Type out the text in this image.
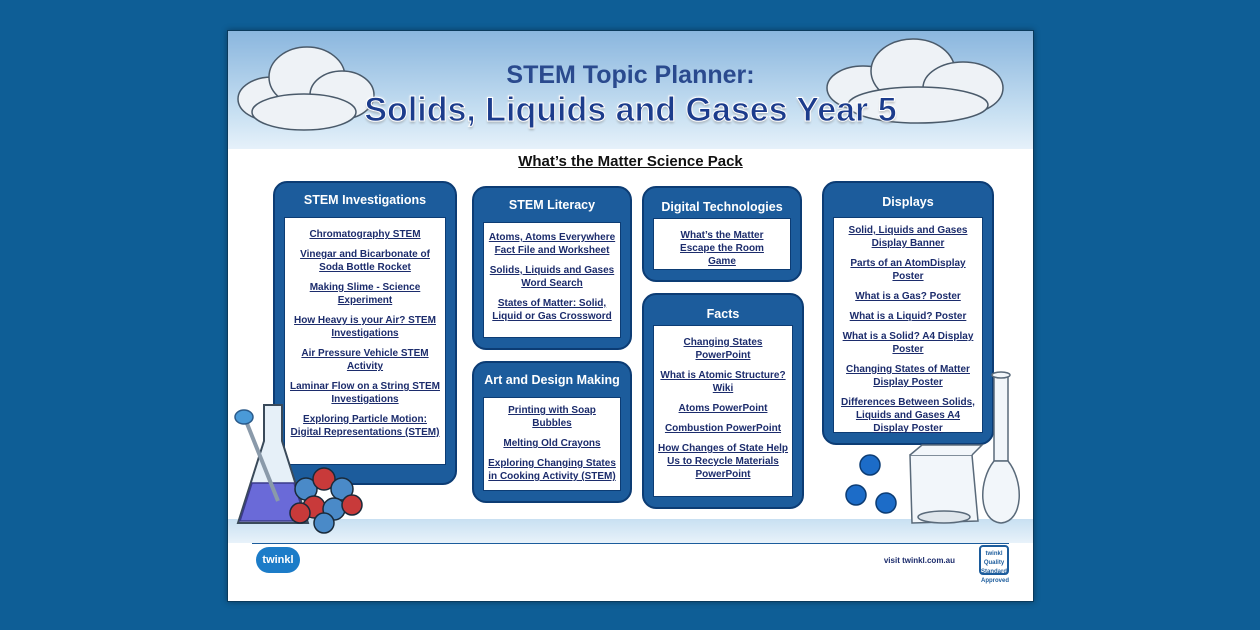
STEM Topic Planner:
Solids, Liquids and Gases Year 5
What’s the Matter Science Pack
STEM Investigations
Chromatography STEM
Vinegar and Bicarbonate of Soda Bottle Rocket
Making Slime - Science Experiment
How Heavy is your Air? STEM Investigations
Air Pressure Vehicle STEM Activity
Laminar Flow on a String STEM Investigations
Exploring Particle Motion: Digital Representations (STEM)
STEM Literacy
Atoms, Atoms Everywhere Fact File and Worksheet
Solids, Liquids and Gases Word Search
States of Matter: Solid, Liquid or Gas Crossword
Art and Design Making
Printing with Soap Bubbles
Melting Old Crayons
Exploring Changing States in Cooking Activity (STEM)
Digital Technologies
What’s the Matter Escape the Room Game
Facts
Changing States PowerPoint
What is Atomic Structure? Wiki
Atoms PowerPoint
Combustion PowerPoint
How Changes of State Help Us to Recycle Materials PowerPoint
Displays
Solid, Liquids and Gases Display Banner
Parts of an AtomDisplay Poster
What is a Gas? Poster
What is a Liquid? Poster
What is a Solid? A4 Display Poster
Changing States of Matter Display Poster
Differences Between Solids, Liquids and Gases A4 Display Poster
twinkl	visit twinkl.com.au
twinkl Quality Standard Approved
